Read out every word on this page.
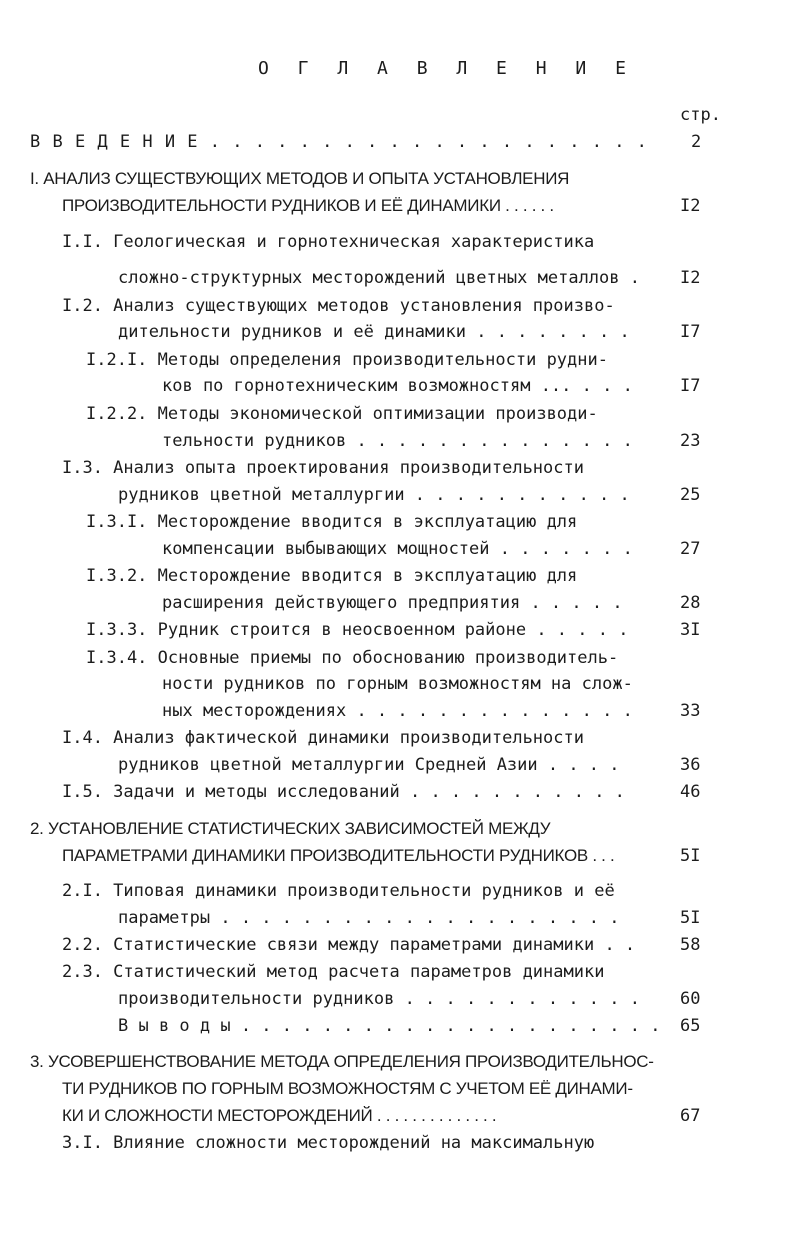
О Г Л А В Л Е Н И Е
стр.
В В Е Д Е Н И Е . . . . . . . . . . . . . . . . . . . .	2
I. АНАЛИЗ СУЩЕСТВУЮЩИХ МЕТОДОВ И ОПЫТА УСТАНОВЛЕНИЯ
ПРОИЗВОДИТЕЛЬНОСТИ РУДНИКОВ И ЕЁ ДИНАМИКИ . . . . . .	I2
I.I. Геологическая и горнотехническая характеристика
сложно-структурных месторождений цветных металлов . I2
I.2. Анализ существующих методов установления произво-
дительности рудников и её динамики . . . . . . . .	I7
I.2.I. Методы определения производительности рудни-
ков по горнотехническим возможностям ... . . .	I7
I.2.2. Методы экономической оптимизации производи-
тельности рудников . . . . . . . . . . . . . .	23
I.3. Анализ опыта проектирования производительности
рудников цветной металлургии . . . . . . . . . . .	25
I.3.I. Месторождение вводится в эксплуатацию для
компенсации выбывающих мощностей . . . . . . .	27
I.3.2. Месторождение вводится в эксплуатацию для
расширения действующего предприятия . . . . .	28
I.3.3. Рудник строится в неосвоенном районе . . . . .	3I
I.3.4. Основные приемы по обоснованию производитель-
ности рудников по горным возможностям на слож-
ных месторождениях . . . . . . . . . . . . . .	33
I.4. Анализ фактической динамики производительности
рудников цветной металлургии Средней Азии . . . .	36
I.5. Задачи и методы исследований . . . . . . . . . . .	46
2. УСТАНОВЛЕНИЕ СТАТИСТИЧЕСКИХ ЗАВИСИМОСТЕЙ МЕЖДУ
ПАРАМЕТРАМИ ДИНАМИКИ ПРОИЗВОДИТЕЛЬНОСТИ РУДНИКОВ . . .	5I
2.I. Типовая динамики производительности рудников и её
параметры . . . . . . . . . . . . . . . . . . . .	5I
2.2. Статистические связи между параметрами динамики . .	58
2.3. Статистический метод расчета параметров динамики
производительности рудников . . . . . . . . . . . . 60
В ы в о д ы . . . . . . . . . . . . . . . . . . . . . 65
3. УСОВЕРШЕНСТВОВАНИЕ МЕТОДА ОПРЕДЕЛЕНИЯ ПРОИЗВОДИТЕЛЬНОС-
ТИ РУДНИКОВ ПО ГОРНЫМ ВОЗМОЖНОСТЯМ С УЧЕТОМ ЕЁ ДИНАМИ-
КИ И СЛОЖНОСТИ МЕСТОРОЖДЕНИЙ . . . . . . . . . . . . . .	67
3.I. Влияние сложности месторождений на максимальную
